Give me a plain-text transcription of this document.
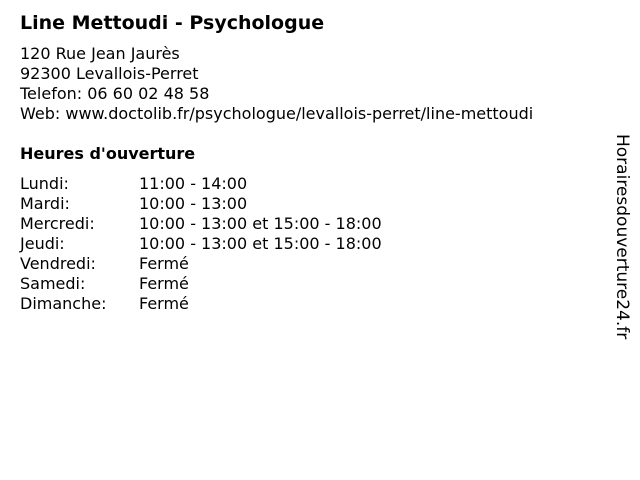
Line Mettoudi - Psychologue
120 Rue Jean Jaurès
92300 Levallois-Perret
Telefon: 06 60 02 48 58
Web: www.doctolib.fr/psychologue/levallois-perret/line-mettoudi
Heures d'ouverture
Lundi:	11:00 - 14:00
Mardi:	10:00 - 13:00
Mercredi:	10:00 - 13:00 et 15:00 - 18:00
Jeudi:	10:00 - 13:00 et 15:00 - 18:00
Vendredi:	Fermé
Samedi:	Fermé
Dimanche:	Fermé	Horairesdouverture24.fr
